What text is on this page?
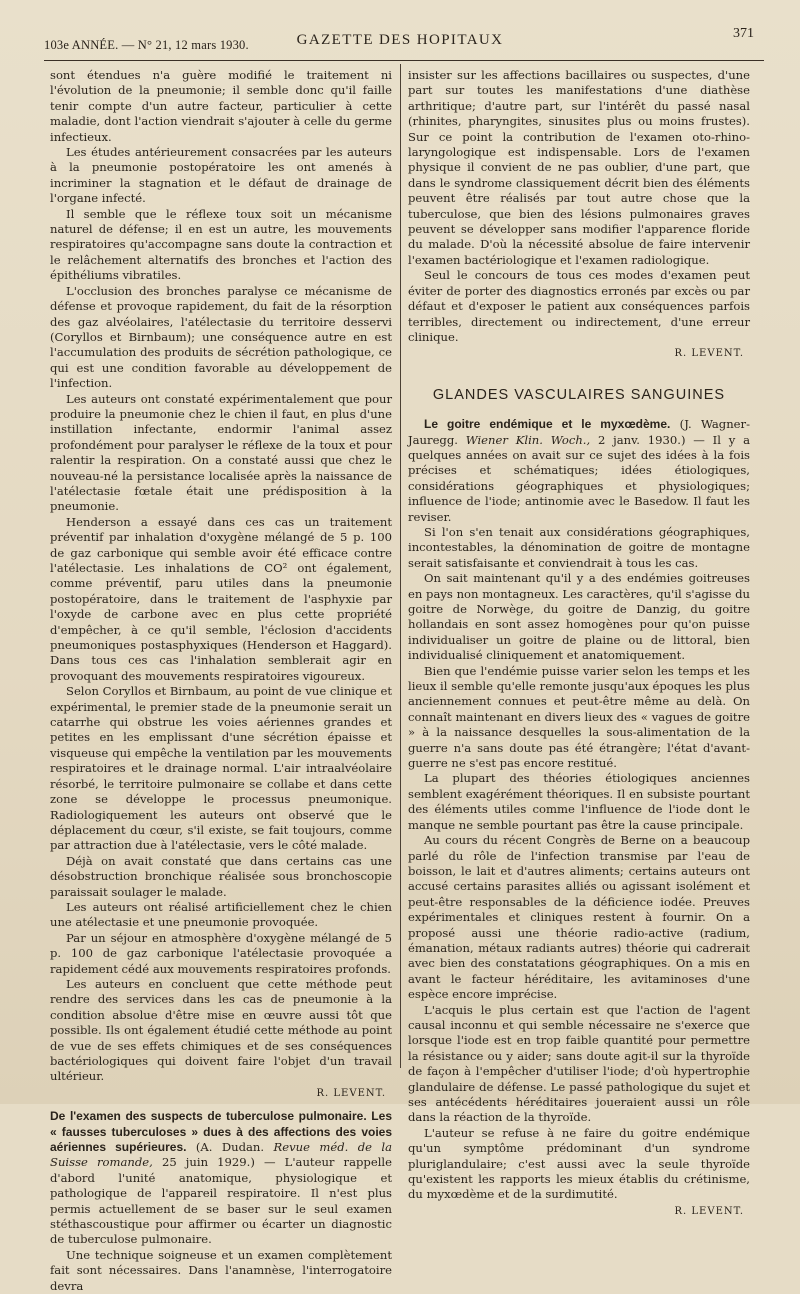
103e ANNÉE. — N° 21, 12 mars 1930.	GAZETTE DES HOPITAUX	371

sont étendues n'a guère modifié le traitement ni l'évolution de la pneumonie; il semble donc qu'il faille tenir compte d'un autre facteur, particulier à cette maladie, dont l'action viendrait s'ajouter à celle du germe infectieux.

Les études antérieurement consacrées par les auteurs à la pneumonie postopératoire les ont amenés à incriminer la stagnation et le défaut de drainage de l'organe infecté.

Il semble que le réflexe toux soit un mécanisme naturel de défense; il en est un autre, les mouvements respiratoires qu'accompagne sans doute la contraction et le relâchement alternatifs des bronches et l'action des épithéliums vibratiles.

L'occlusion des bronches paralyse ce mécanisme de défense et provoque rapidement, du fait de la résorption des gaz alvéolaires, l'atélectasie du territoire desservi (Coryllos et Birnbaum); une conséquence autre en est l'accumulation des produits de sécrétion pathologique, ce qui est une condition favorable au développement de l'infection.

Les auteurs ont constaté expérimentalement que pour produire la pneumonie chez le chien il faut, en plus d'une instillation infectante, endormir l'animal assez profondément pour paralyser le réflexe de la toux et pour ralentir la respiration. On a constaté aussi que chez le nouveau-né la persistance localisée après la naissance de l'atélectasie fœtale était une prédisposition à la pneumonie.

Henderson a essayé dans ces cas un traitement préventif par inhalation d'oxygène mélangé de 5 p. 100 de gaz carbonique qui semble avoir été efficace contre l'atélectasie. Les inhalations de CO² ont également, comme préventif, paru utiles dans la pneumonie postopératoire, dans le traitement de l'asphyxie par l'oxyde de carbone avec en plus cette propriété d'empêcher, à ce qu'il semble, l'éclosion d'accidents pneumoniques postasphyxiques (Henderson et Haggard). Dans tous ces cas l'inhalation semblerait agir en provoquant des mouvements respiratoires vigoureux.

Selon Coryllos et Birnbaum, au point de vue clinique et expérimental, le premier stade de la pneumonie serait un catarrhe qui obstrue les voies aériennes grandes et petites en les emplissant d'une sécrétion épaisse et visqueuse qui empêche la ventilation par les mouvements respiratoires et le drainage normal. L'air intraalvéolaire résorbé, le territoire pulmonaire se collabe et dans cette zone se développe le processus pneumonique. Radiologiquement les auteurs ont observé que le déplacement du cœur, s'il existe, se fait toujours, comme par attraction due à l'atélectasie, vers le côté malade.

Déjà on avait constaté que dans certains cas une désobstruction bronchique réalisée sous bronchoscopie paraissait soulager le malade.

Les auteurs ont réalisé artificiellement chez le chien une atélectasie et une pneumonie provoquée.

Par un séjour en atmosphère d'oxygène mélangé de 5 p. 100 de gaz carbonique l'atélectasie provoquée a rapidement cédé aux mouvements respiratoires profonds.

Les auteurs en concluent que cette méthode peut rendre des services dans les cas de pneumonie à la condition absolue d'être mise en œuvre aussi tôt que possible. Ils ont également étudié cette méthode au point de vue de ses effets chimiques et de ses conséquences bactériologiques qui doivent faire l'objet d'un travail ultérieur.

R. LEVENT.

De l'examen des suspects de tuberculose pulmonaire. Les « fausses tuberculoses » dues à des affections des voies aériennes supérieures. (A. Dudan. Revue méd. de la Suisse romande, 25 juin 1929.) — L'auteur rappelle d'abord l'unité anatomique, physiologique et pathologique de l'appareil respiratoire. Il n'est plus permis actuellement de se baser sur le seul examen stéthascoustique pour affirmer ou écarter un diagnostic de tuberculose pulmonaire.

Une technique soigneuse et un examen complètement fait sont nécessaires. Dans l'anamnèse, l'interrogatoire devra

insister sur les affections bacillaires ou suspectes, d'une part sur toutes les manifestations d'une diathèse arthritique; d'autre part, sur l'intérêt du passé nasal (rhinites, pharyngites, sinusites plus ou moins frustes). Sur ce point la contribution de l'examen oto-rhino-laryngologique est indispensable. Lors de l'examen physique il convient de ne pas oublier, d'une part, que dans le syndrome classiquement décrit bien des éléments peuvent être réalisés par tout autre chose que la tuberculose, que bien des lésions pulmonaires graves peuvent se développer sans modifier l'apparence floride du malade. D'où la nécessité absolue de faire intervenir l'examen bactériologique et l'examen radiologique.

Seul le concours de tous ces modes d'examen peut éviter de porter des diagnostics erronés par excès ou par défaut et d'exposer le patient aux conséquences parfois terribles, directement ou indirectement, d'une erreur clinique.

R. LEVENT.
GLANDES VASCULAIRES SANGUINES

Le goitre endémique et le myxœdème. (J. Wagner-Jauregg. Wiener Klin. Woch., 2 janv. 1930.) — Il y a quelques années on avait sur ce sujet des idées à la fois précises et schématiques; idées étiologiques, considérations géographiques et physiologiques; influence de l'iode; antinomie avec le Basedow. Il faut les reviser.

Si l'on s'en tenait aux considérations géographiques, incontestables, la dénomination de goitre de montagne serait satisfaisante et conviendrait à tous les cas.

On sait maintenant qu'il y a des endémies goitreuses en pays non montagneux. Les caractères, qu'il s'agisse du goitre de Norwège, du goitre de Danzig, du goitre hollandais en sont assez homogènes pour qu'on puisse individualiser un goitre de plaine ou de littoral, bien individualisé cliniquement et anatomiquement.

Bien que l'endémie puisse varier selon les temps et les lieux il semble qu'elle remonte jusqu'aux époques les plus anciennement connues et peut-être même au delà. On connaît maintenant en divers lieux des « vagues de goitre » à la naissance desquelles la sous-alimentation de la guerre n'a sans doute pas été étrangère; l'état d'avant-guerre ne s'est pas encore restitué.

La plupart des théories étiologiques anciennes semblent exagérément théoriques. Il en subsiste pourtant des éléments utiles comme l'influence de l'iode dont le manque ne semble pourtant pas être la cause principale.

Au cours du récent Congrès de Berne on a beaucoup parlé du rôle de l'infection transmise par l'eau de boisson, le lait et d'autres aliments; certains auteurs ont accusé certains parasites alliés ou agissant isolément et peut-être responsables de la déficience iodée. Preuves expérimentales et cliniques restent à fournir. On a proposé aussi une théorie radio-active (radium, émanation, métaux radiants autres) théorie qui cadrerait avec bien des constatations géographiques. On a mis en avant le facteur héréditaire, les avitaminoses d'une espèce encore imprécise.

L'acquis le plus certain est que l'action de l'agent causal inconnu et qui semble nécessaire ne s'exerce que lorsque l'iode est en trop faible quantité pour permettre la résistance ou y aider; sans doute agit-il sur la thyroïde de façon à l'empêcher d'utiliser l'iode; d'où hypertrophie glandulaire de défense. Le passé pathologique du sujet et ses antécédents héréditaires joueraient aussi un rôle dans la réaction de la thyroïde.

L'auteur se refuse à ne faire du goitre endémique qu'un symptôme prédominant d'un syndrome pluriglandulaire; c'est aussi avec la seule thyroïde qu'existent les rapports les mieux établis du crétinisme, du myxœdème et de la surdimutité.

R. LEVENT.
